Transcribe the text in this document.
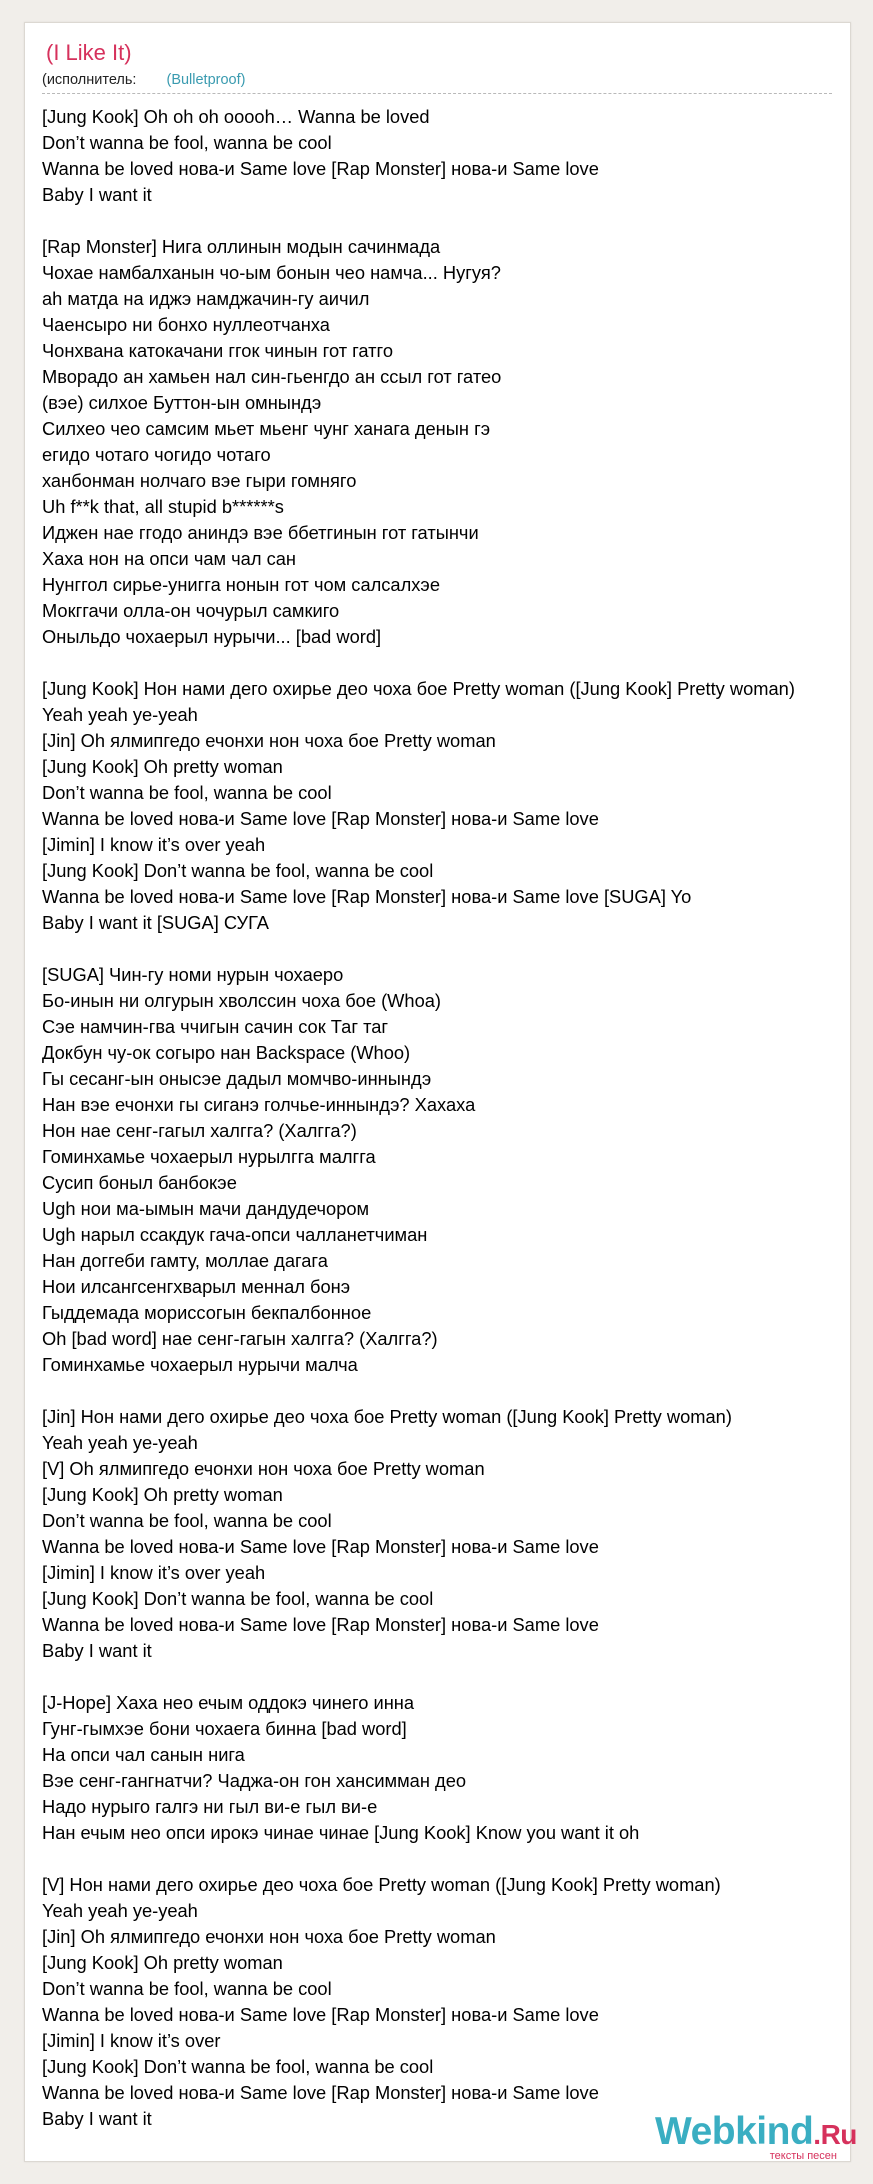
(I Like It)
(исполнитель: (Bulletproof)
[Jung Kook] Oh oh oh ooooh… Wanna be loved
Don’t wanna be fool, wanna be cool
Wanna be loved нова-и Same love [Rap Monster] нова-и Same love
Baby I want it
[Rap Monster] Нига оллинын модын сачинмада
Чохае намбалханын чо-ым бонын чео намча... Нугуя?
ah матда на иджэ намджачин-гу аичил
Чаенсыро ни бонхо нуллеотчанха
Чонхвана катокачани ггок чинын гот гатго
Мворадо ан хамьен нал син-гьенгдо ан ссыл гот гатео
(вэе) силхое Буттон-ын омнындэ
Силхео чео самсим мьет мьенг чунг ханага денын гэ
егидо чотаго чогидо чотаго
ханбонман нолчаго вэе гыри гомняго
Uh f**k that, all stupid b******s
Иджен нае ггодо аниндэ вэе ббетгинын гот гатынчи
Хаха нон на опси чам чал сан
Нунггол сирье-унигга нонын гот чом салсалхэе
Мокггачи олла-он чочурыл самкиго
Оныльдо чохаерыл нурычи... [bad word]
[Jung Kook] Нон нами дего охирье део чоха бое Pretty woman ([Jung Kook] Pretty woman)
Yeah yeah ye-yeah
[Jin] Oh ялмипгедо ечонхи нон чоха бое Pretty woman
[Jung Kook] Oh pretty woman
Don’t wanna be fool, wanna be cool
Wanna be loved нова-и Same love [Rap Monster] нова-и Same love
[Jimin] I know it’s over yeah
[Jung Kook] Don’t wanna be fool, wanna be cool
Wanna be loved нова-и Same love [Rap Monster] нова-и Same love [SUGA] Yo
Baby I want it [SUGA] СУГА
[SUGA] Чин-гу номи нурын чохаеро
Бо-инын ни олгурын хволссин чоха бое (Whoa)
Сэе намчин-гва ччигын сачин сок Таг таг
Докбун чу-ок согыро нан Backspace (Whoo)
Гы сесанг-ын онысэе дадыл момчво-иннындэ
Нан вэе ечонхи гы сиганэ голчье-иннындэ? Хахаха
Нон нае сенг-гагыл халгга? (Халгга?)
Гоминхамье чохаерыл нурылгга малгга
Сусип боныл банбокэе
Ugh нои ма-ымын мачи дандудечором
Ugh нарыл ссакдук гача-опси чалланетчиман
Нан доггеби гамту, моллае дагага
Нои илсангсенгхварыл меннал бонэ
Гыддемада мориссогын бекпалбонное
Oh [bad word] нае сенг-гагын халгга? (Халгга?)
Гоминхамье чохаерыл нурычи малча
[Jin] Нон нами дего охирье део чоха бое Pretty woman ([Jung Kook] Pretty woman)
Yeah yeah ye-yeah
[V] Oh ялмипгедо ечонхи нон чоха бое Pretty woman
[Jung Kook] Oh pretty woman
Don’t wanna be fool, wanna be cool
Wanna be loved нова-и Same love [Rap Monster] нова-и Same love
[Jimin] I know it’s over yeah
[Jung Kook] Don’t wanna be fool, wanna be cool
Wanna be loved нова-и Same love [Rap Monster] нова-и Same love
Baby I want it
[J-Hope] Хаха нео ечым оддокэ чинего инна
Гунг-гымхэе бони чохаега бинна [bad word]
На опси чал санын нига
Вэе сенг-гангнатчи? Чаджа-он гон хансимман део
Надо нурыго галгэ ни гыл ви-е гыл ви-е
Нан ечым нео опси ирокэ чинае чинае [Jung Kook] Know you want it oh
[V] Нон нами дего охирье део чоха бое Pretty woman ([Jung Kook] Pretty woman)
Yeah yeah ye-yeah
[Jin] Oh ялмипгедо ечонхи нон чоха бое Pretty woman
[Jung Kook] Oh pretty woman
Don’t wanna be fool, wanna be cool
Wanna be loved нова-и Same love [Rap Monster] нова-и Same love
[Jimin] I know it’s over
[Jung Kook] Don’t wanna be fool, wanna be cool
Wanna be loved нова-и Same love [Rap Monster] нова-и Same love
Baby I want it	Webkind.Ru
тексты песен
